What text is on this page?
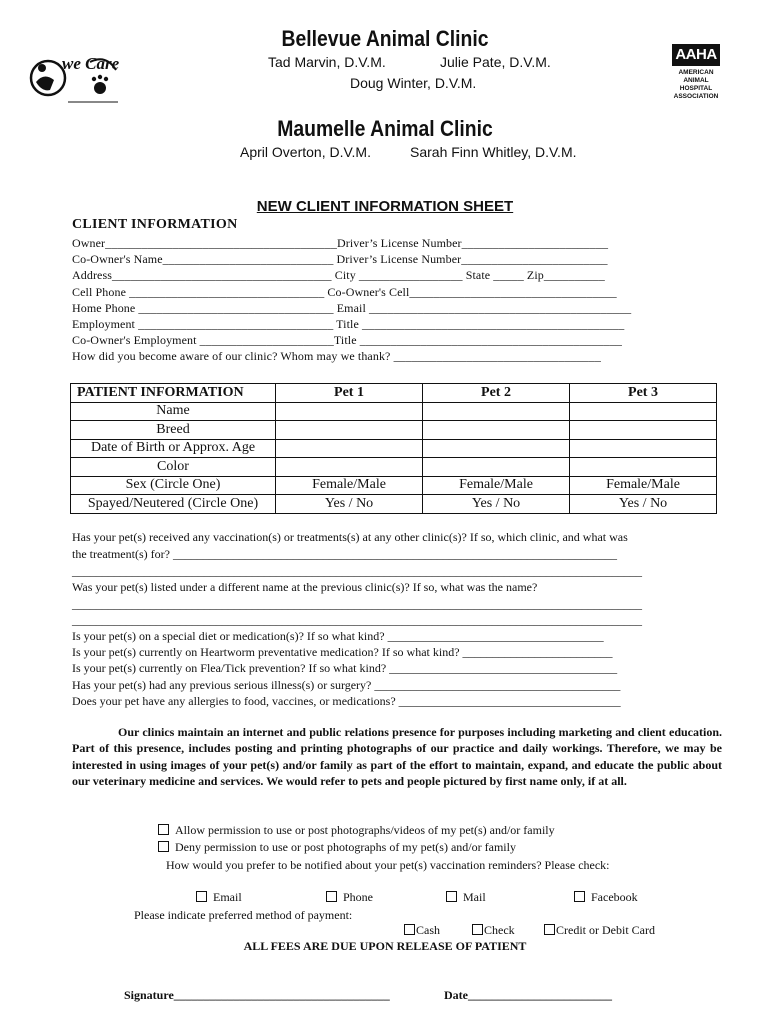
Bellevue Animal Clinic
Tad Marvin, D.V.M.	Julie Pate, D.V.M.
Doug Winter, D.V.M.
Maumelle Animal Clinic
April Overton, D.V.M.	Sarah Finn Whitley, D.V.M.
we Care	AAHA
AMERICAN
ANIMAL
HOSPITAL
ASSOCIATION
NEW CLIENT INFORMATION SHEET
CLIENT INFORMATION
Owner______________________________________Driver’s License Number________________________
Co-Owner's Name____________________________ Driver’s License Number________________________
Address____________________________________ City _________________ State _____ Zip__________
Cell Phone ________________________________ Co-Owner's Cell__________________________________
Home Phone ________________________________ Email ___________________________________________
Employment ________________________________ Title ___________________________________________
Co-Owner's Employment ______________________Title ___________________________________________
How did you become aware of our clinic? Whom may we thank? __________________________________
PATIENT INFORMATION	Pet 1	Pet 2	Pet 3
Name			
Breed			
Date of Birth or Approx. Age			
Color			
Sex (Circle One)	Female/Male	Female/Male	Female/Male
Spayed/Neutered (Circle One)	Yes / No	Yes / No	Yes / No
Has your pet(s) received any vaccination(s) or treatments(s) at any other clinic(s)? If so, which clinic, and what was
the treatment(s) for? __________________________________________________________________________
_______________________________________________________________________________________________
Was your pet(s) listed under a different name at the previous clinic(s)? If so, what was the name?
_______________________________________________________________________________________________
_______________________________________________________________________________________________
Is your pet(s) on a special diet or medication(s)? If so what kind? ____________________________________
Is your pet(s) currently on Heartworm preventative medication? If so what kind? _________________________
Is your pet(s) currently on Flea/Tick prevention? If so what kind? ______________________________________
Has your pet(s) had any previous serious illness(s) or surgery? _________________________________________
Does your pet have any allergies to food, vaccines, or medications? _____________________________________
Our clinics maintain an internet and public relations presence for purposes including marketing and client education. Part of this presence, includes posting and printing photographs of our practice and daily workings. Therefore, we may be interested in using images of your pet(s) and/or family as part of the effort to maintain, expand, and educate the public about our veterinary medicine and services. We would refer to pets and people pictured by first name only, if at all.

Allow permission to use or post photographs/videos of my pet(s) and/or family

Deny permission to use or post photographs of my pet(s) and/or family

How would you prefer to be notified about your pet(s) vaccination reminders? Please check:

Email	Phone	Mail	Facebook

Please indicate preferred method of payment:

Cash	Check	Credit or Debit Card

ALL FEES ARE DUE UPON RELEASE OF PATIENT

Signature____________________________________	Date________________________
